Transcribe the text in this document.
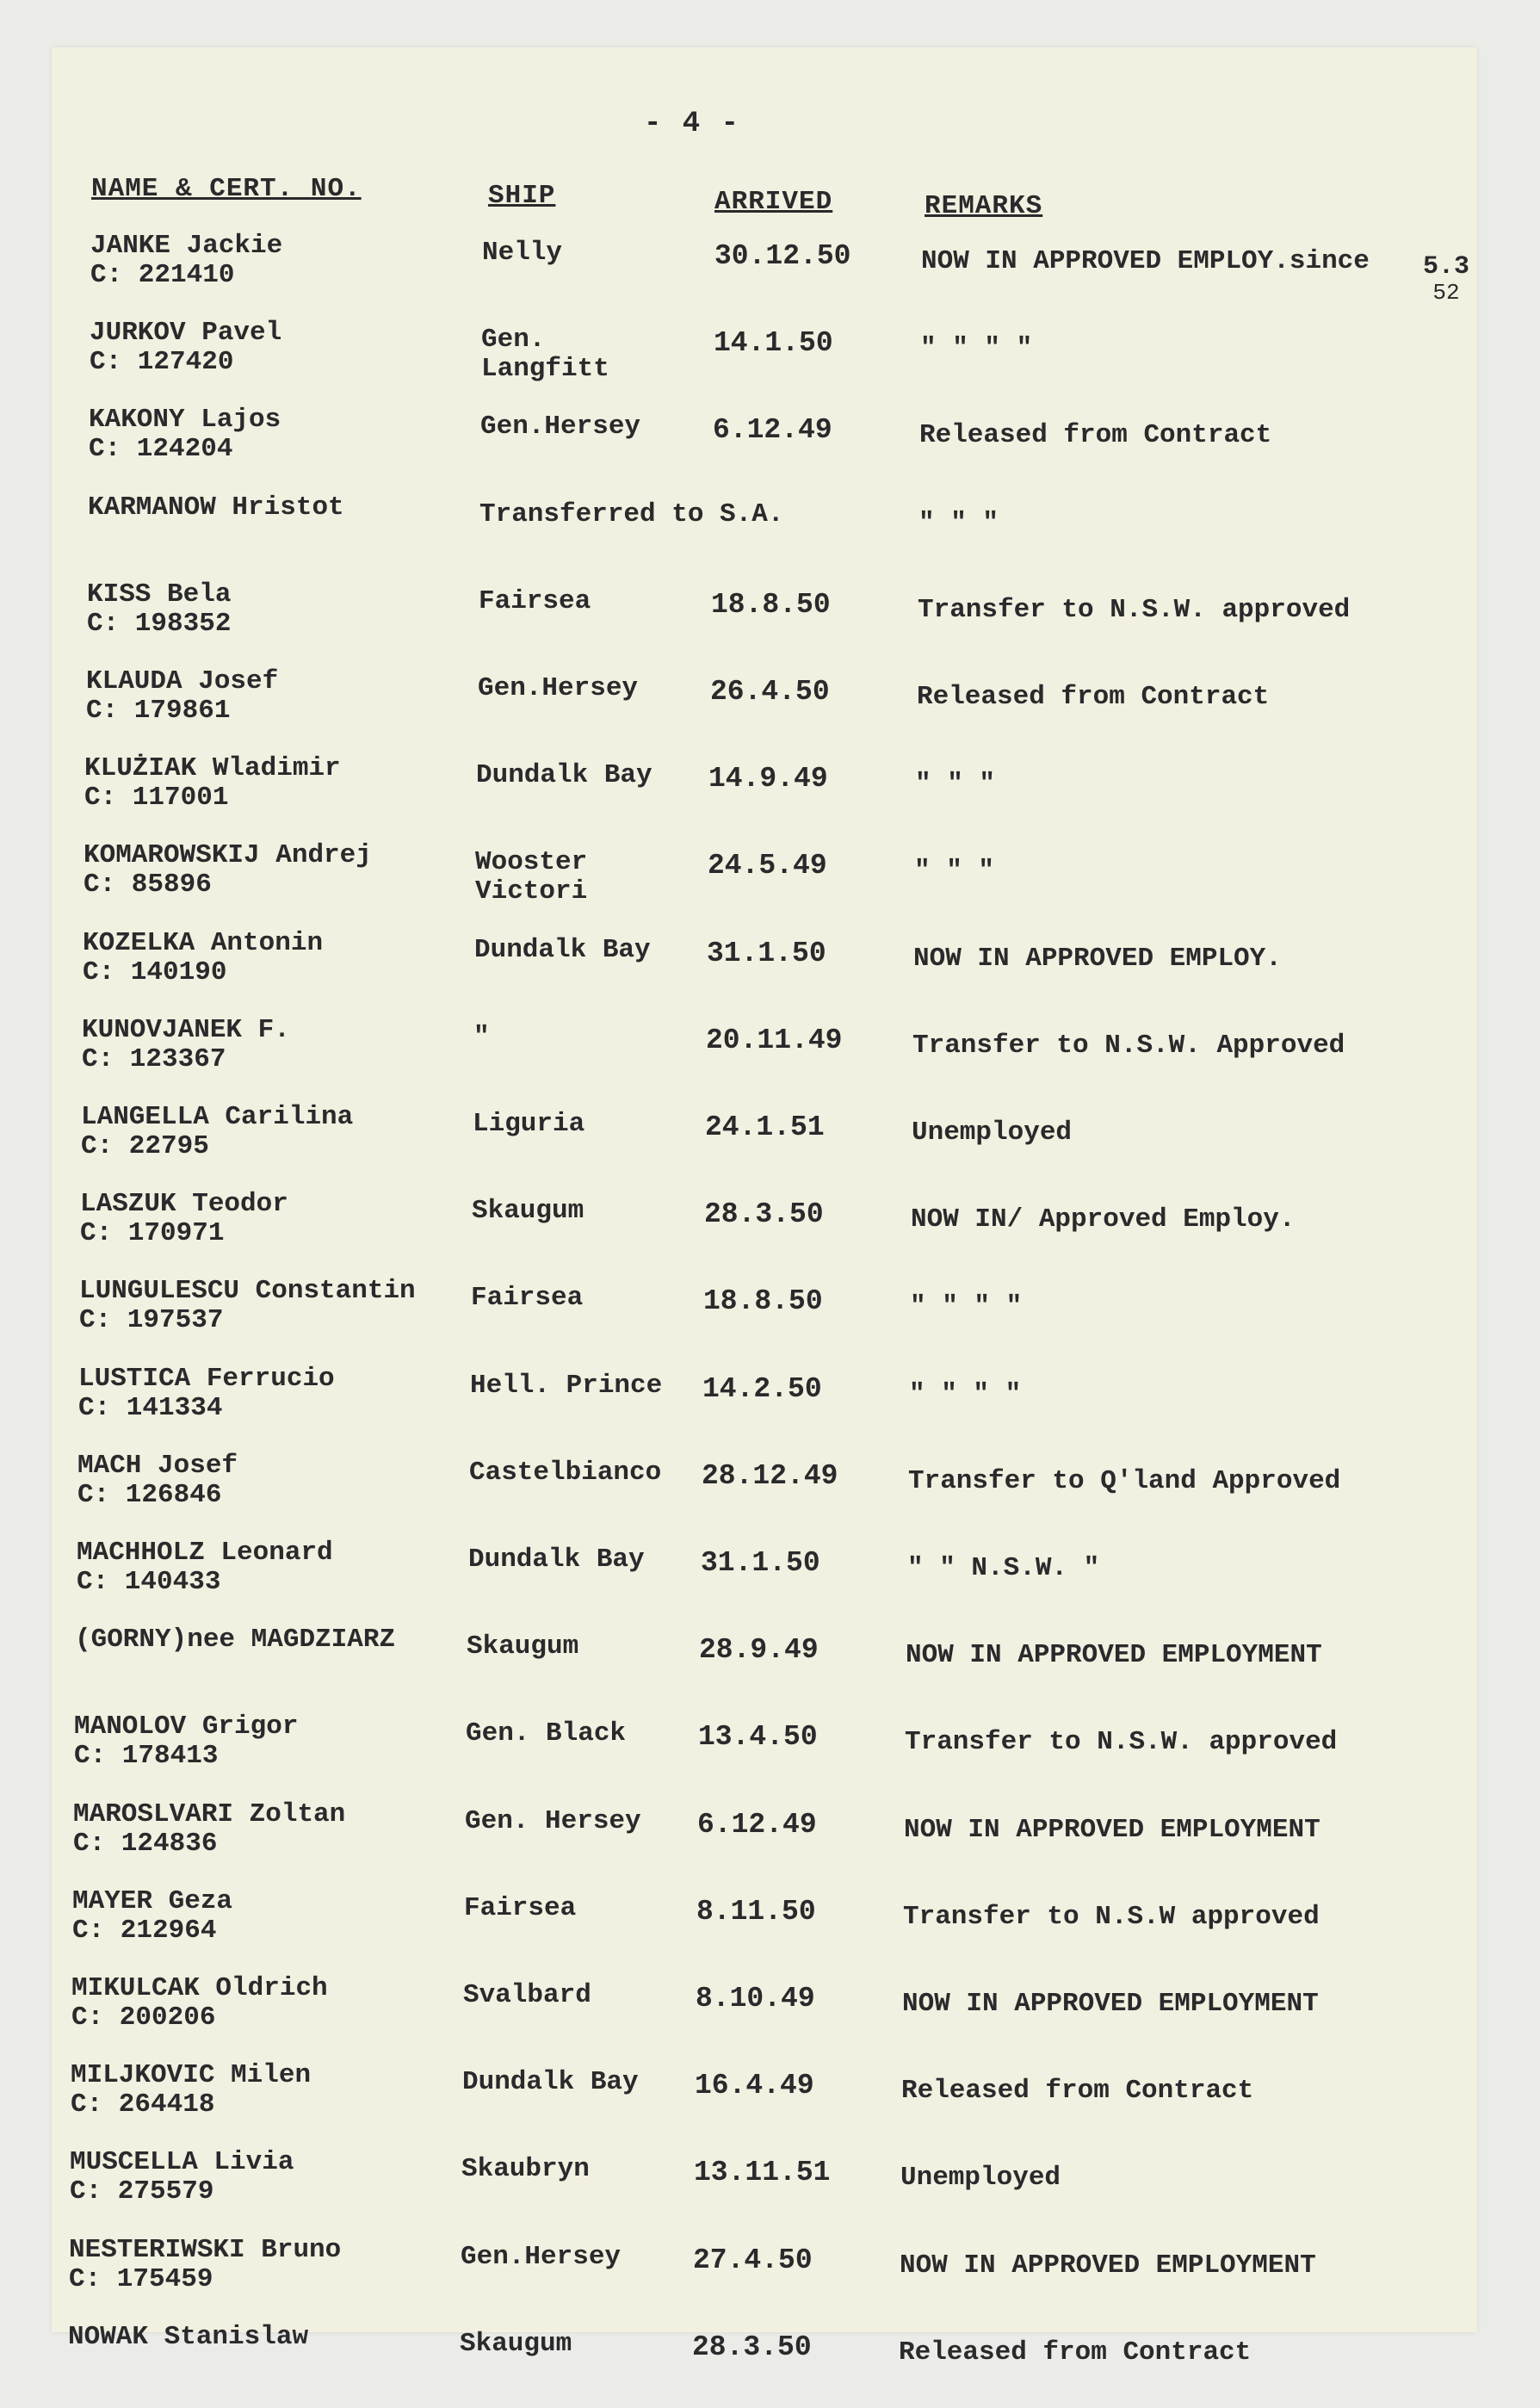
- 4 -
NAME & CERT. NO.	SHIP	ARRIVED	REMARKS
5.3
52
JANKE Jackie
C: 221410
Nelly	30.12.50	NOW IN APPROVED EMPLOY.since
JURKOV Pavel
C: 127420
Gen.
Langfitt
14.1.50	" " " "
KAKONY Lajos
C: 124204
Gen.Hersey	6.12.49	Released from Contract
KARMANOW Hristot	Transferred to S.A.	" " "
KISS Bela
C: 198352
Fairsea	18.8.50	Transfer to N.S.W. approved
KLAUDA Josef
C: 179861
Gen.Hersey	26.4.50	Released from Contract
KLUŻIAK Wladimir
C: 117001
Dundalk Bay 14.9.49	" " "
KOMAROWSKIJ Andrej
C: 85896
Wooster
Victori
24.5.49	" " "
KOZELKA Antonin
C: 140190
Dundalk Bay 31.1.50	NOW IN APPROVED EMPLOY.
KUNOVJANEK F.
C: 123367
"	20.11.49	Transfer to N.S.W. Approved
LANGELLA Carilina
C: 22795
Liguria	24.1.51	Unemployed
LASZUK Teodor
C: 170971
Skaugum	28.3.50	NOW IN/ Approved Employ.
LUNGULESCU Constantin
C: 197537
Fairsea	18.8.50	" " " "
LUSTICA Ferrucio
C: 141334
Hell. Prince 14.2.50	" " " "
MACH Josef
C: 126846
Castelbianco 28.12.49	Transfer to Q'land Approved
MACHHOLZ Leonard
C: 140433
Dundalk Bay 31.1.50	" " N.S.W. "
(GORNY)nee MAGDZIARZ	Skaugum	28.9.49	NOW IN APPROVED EMPLOYMENT
MANOLOV Grigor
C: 178413
Gen. Black	13.4.50	Transfer to N.S.W. approved
MAROSLVARI Zoltan
C: 124836
Gen. Hersey 6.12.49	NOW IN APPROVED EMPLOYMENT
MAYER Geza
C: 212964
Fairsea	8.11.50	Transfer to N.S.W approved
MIKULCAK Oldrich
C: 200206
Svalbard	8.10.49	NOW IN APPROVED EMPLOYMENT
MILJKOVIC Milen
C: 264418
Dundalk Bay 16.4.49	Released from Contract
MUSCELLA Livia
C: 275579
Skaubryn	13.11.51	Unemployed
NESTERIWSKI Bruno
C: 175459
Gen.Hersey	27.4.50	NOW IN APPROVED EMPLOYMENT
NOWAK Stanislaw	Skaugum	28.3.50	Released from Contract
